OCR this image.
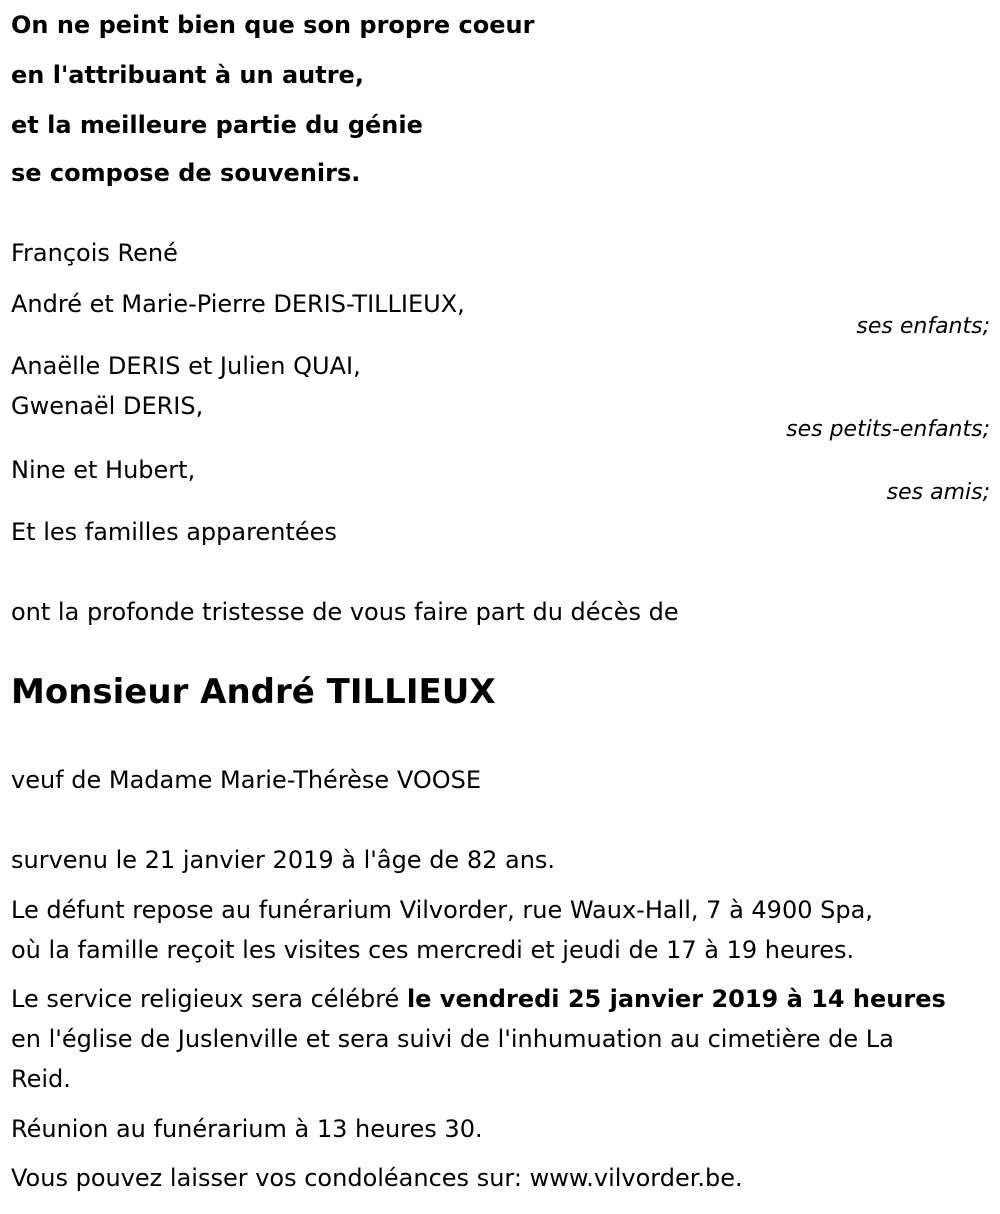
On ne peint bien que son propre coeur

en l'attribuant à un autre,

et la meilleure partie du génie

se compose de souvenirs.

François René

André et Marie-Pierre DERIS-TILLIEUX,

ses enfants;

Anaëlle DERIS et Julien QUAI,

Gwenaël DERIS,

ses petits-enfants;

Nine et Hubert,

ses amis;

Et les familles apparentées

ont la profonde tristesse de vous faire part du décès de

Monsieur André TILLIEUX

veuf de Madame Marie-Thérèse VOOSE

survenu le 21 janvier 2019 à l'âge de 82 ans.

Le défunt repose au funérarium Vilvorder, rue Waux-Hall, 7 à 4900 Spa,

où la famille reçoit les visites ces mercredi et jeudi de 17 à 19 heures.

Le service religieux sera célébré le vendredi 25 janvier 2019 à 14 heures

en l'église de Juslenville et sera suivi de l'inhumuation au cimetière de La

Reid.

Réunion au funérarium à 13 heures 30.

Vous pouvez laisser vos condoléances sur: www.vilvorder.be.
